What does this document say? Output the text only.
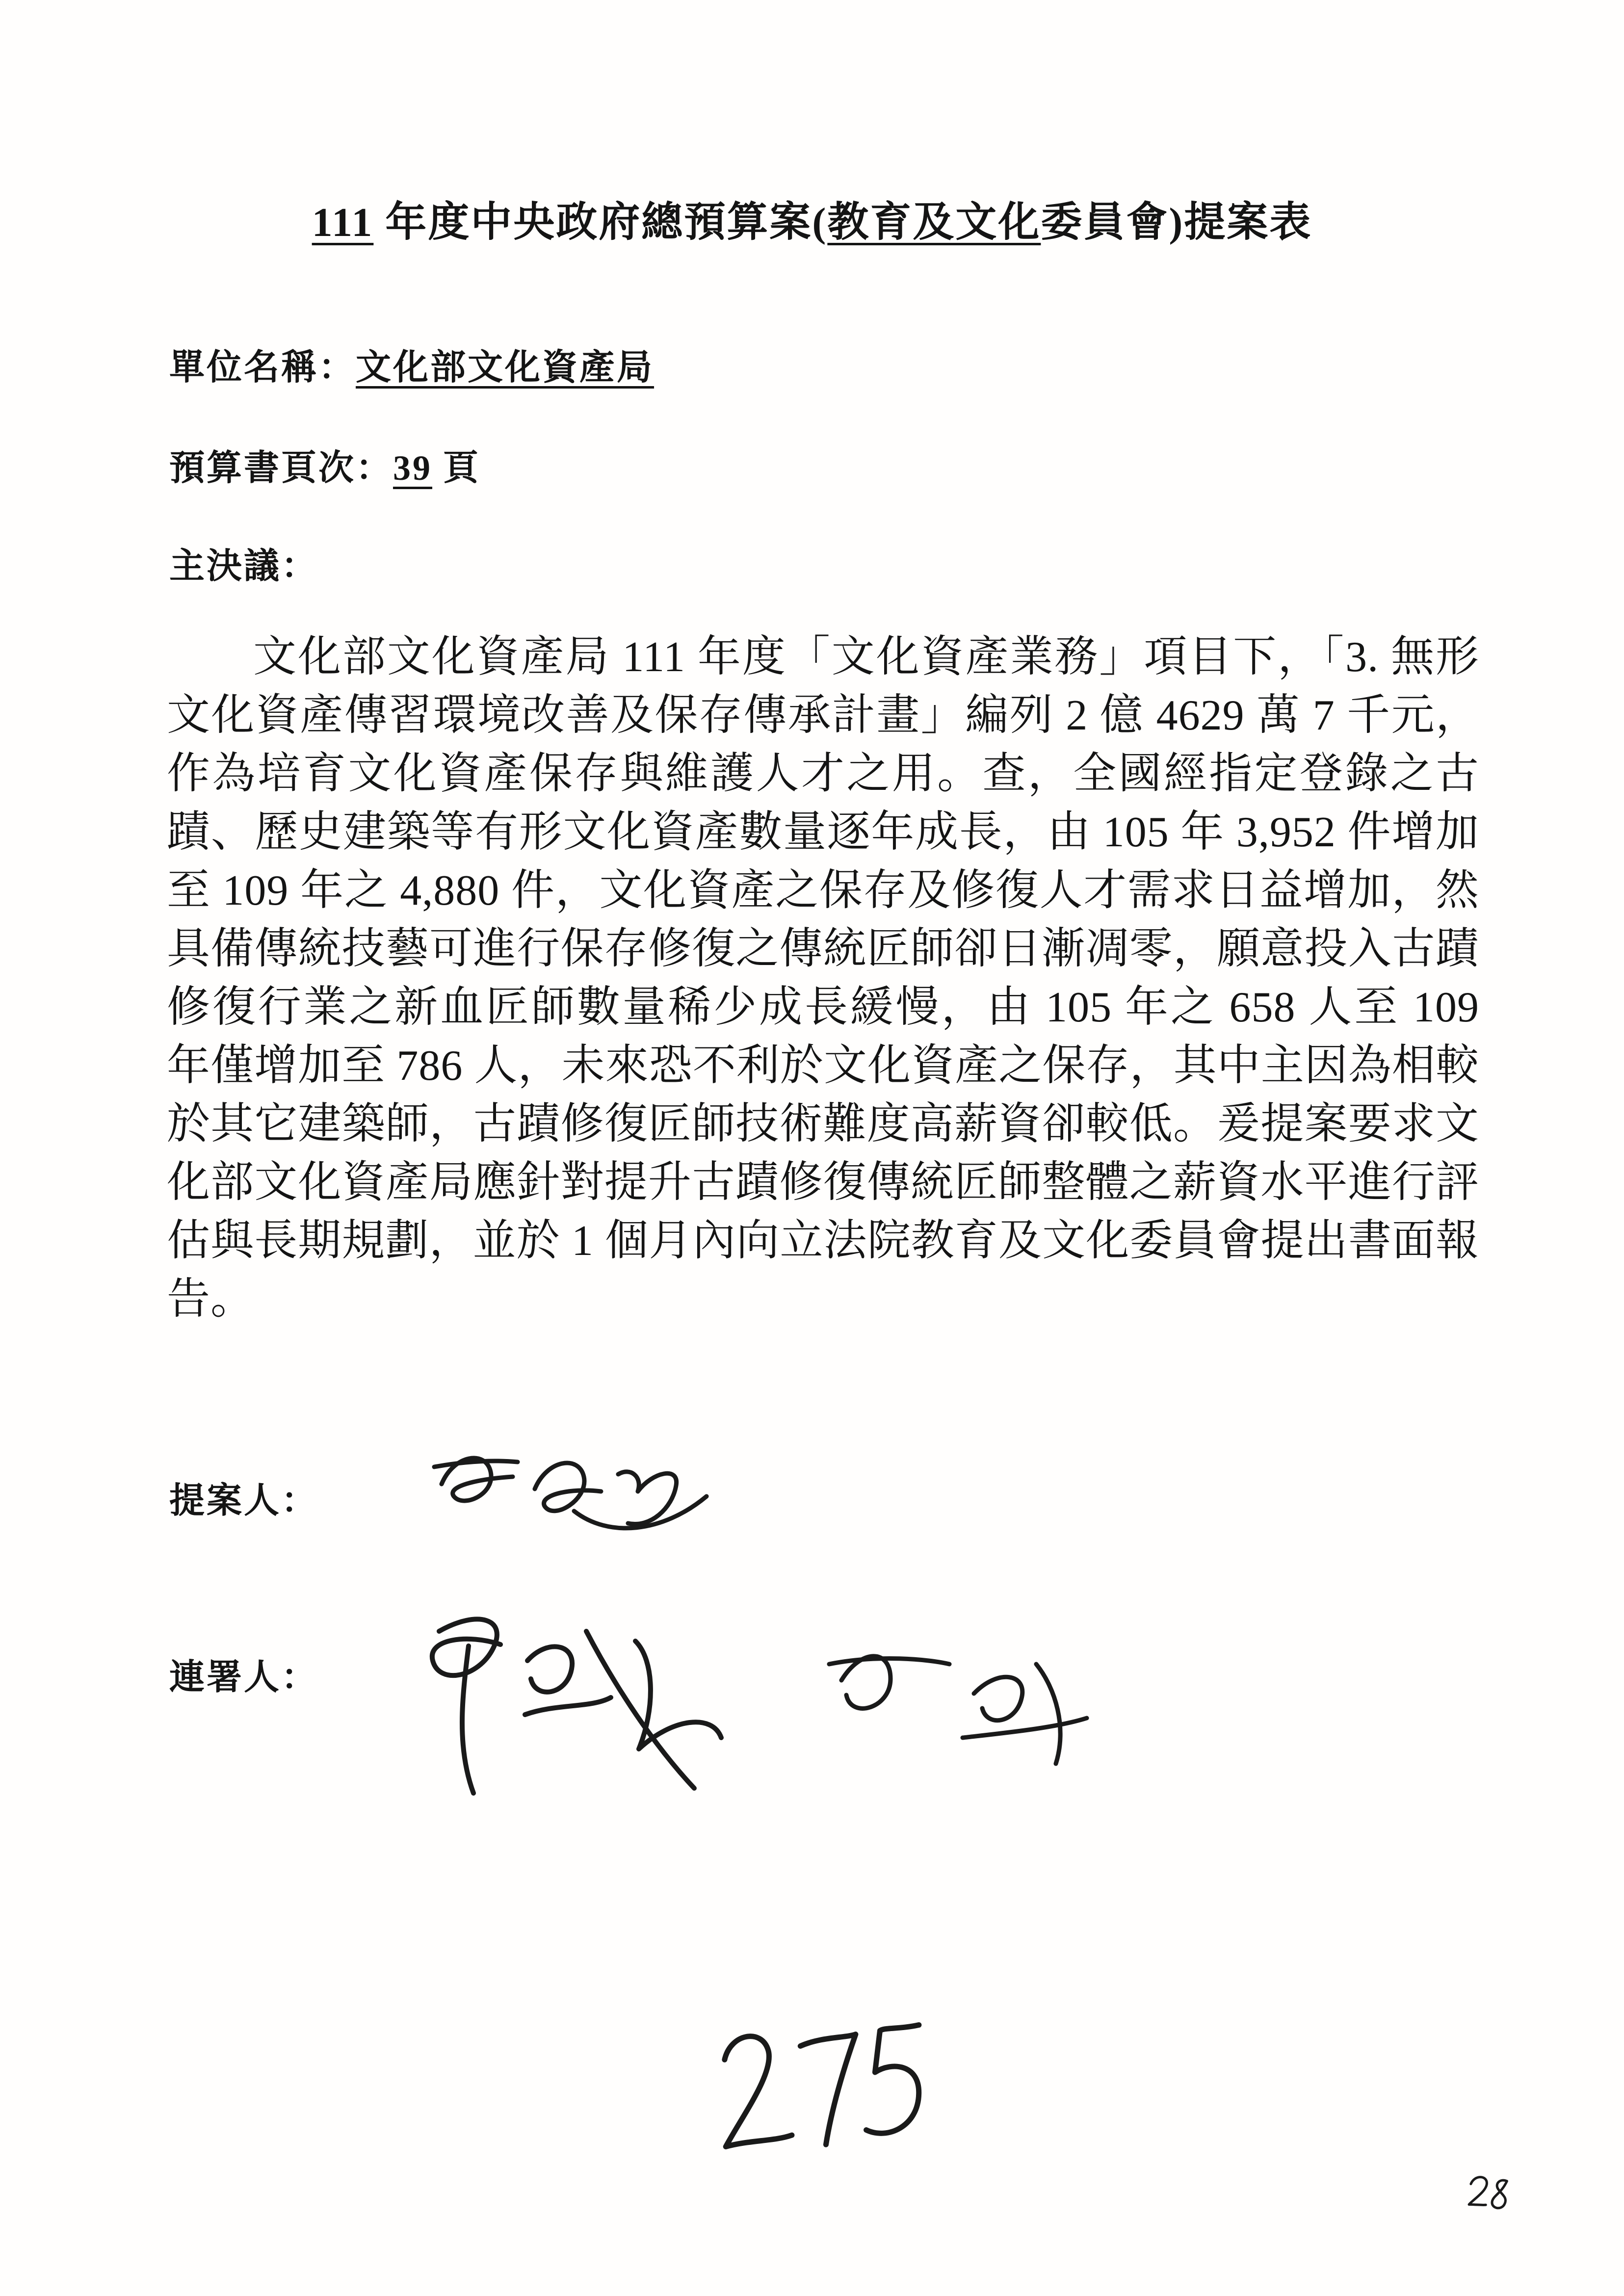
111 年度中央政府總預算案(教育及文化委員會)提案表
單位名稱：文化部文化資產局
預算書頁次：39 頁
主決議：
文化部文化資產局 111 年度「文化資產業務」項目下，「3. 無形文化資產傳習環境改善及保存傳承計畫」編列 2 億 4629 萬 7 千元，作為培育文化資產保存與維護人才之用。查，全國經指定登錄之古蹟、歷史建築等有形文化資產數量逐年成長，由 105 年 3,952 件增加至 109 年之 4,880 件，文化資產之保存及修復人才需求日益增加，然具備傳統技藝可進行保存修復之傳統匠師卻日漸凋零，願意投入古蹟修復行業之新血匠師數量稀少成長緩慢，由 105 年之 658 人至 109 年僅增加至 786 人，未來恐不利於文化資產之保存，其中主因為相較於其它建築師，古蹟修復匠師技術難度高薪資卻較低。爰提案要求文化部文化資產局應針對提升古蹟修復傳統匠師整體之薪資水平進行評估與長期規劃，並於 1 個月內向立法院教育及文化委員會提出書面報告。
提案人：
連署人：
